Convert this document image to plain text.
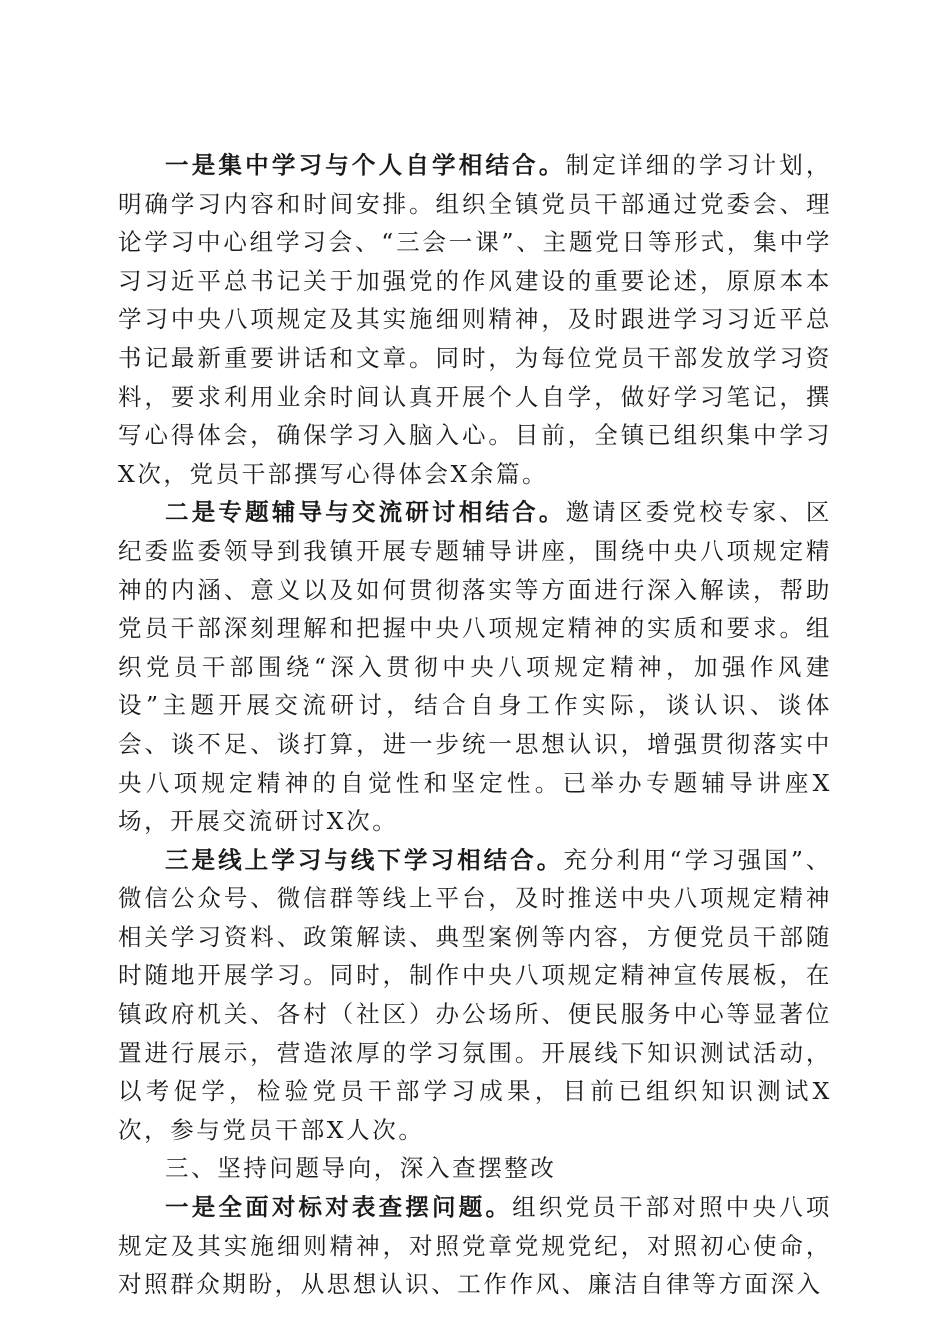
一是集中学习与个人自学相结合。制定详细的学习计划，明确学习内容和时间安排。组织全镇党员干部通过党委会、理论学习中心组学习会、“三会一课”、主题党日等形式，集中学习习近平总书记关于加强党的作风建设的重要论述，原原本本学习中央八项规定及其实施细则精神，及时跟进学习习近平总书记最新重要讲话和文章。同时，为每位党员干部发放学习资料，要求利用业余时间认真开展个人自学，做好学习笔记，撰写心得体会，确保学习入脑入心。目前，全镇已组织集中学习X次，党员干部撰写心得体会X余篇。

二是专题辅导与交流研讨相结合。邀请区委党校专家、区纪委监委领导到我镇开展专题辅导讲座，围绕中央八项规定精神的内涵、意义以及如何贯彻落实等方面进行深入解读，帮助党员干部深刻理解和把握中央八项规定精神的实质和要求。组织党员干部围绕“深入贯彻中央八项规定精神，加强作风建设”主题开展交流研讨，结合自身工作实际，谈认识、谈体会、谈不足、谈打算，进一步统一思想认识，增强贯彻落实中央八项规定精神的自觉性和坚定性。已举办专题辅导讲座X场，开展交流研讨X次。

三是线上学习与线下学习相结合。充分利用“学习强国”、微信公众号、微信群等线上平台，及时推送中央八项规定精神相关学习资料、政策解读、典型案例等内容，方便党员干部随时随地开展学习。同时，制作中央八项规定精神宣传展板，在镇政府机关、各村（社区）办公场所、便民服务中心等显著位置进行展示，营造浓厚的学习氛围。开展线下知识测试活动，以考促学，检验党员干部学习成果，目前已组织知识测试X次，参与党员干部X人次。

三、坚持问题导向，深入查摆整改

一是全面对标对表查摆问题。组织党员干部对照中央八项规定及其实施细则精神，对照党章党规党纪，对照初心使命，对照群众期盼，从思想认识、工作作风、廉洁自律等方面深入
